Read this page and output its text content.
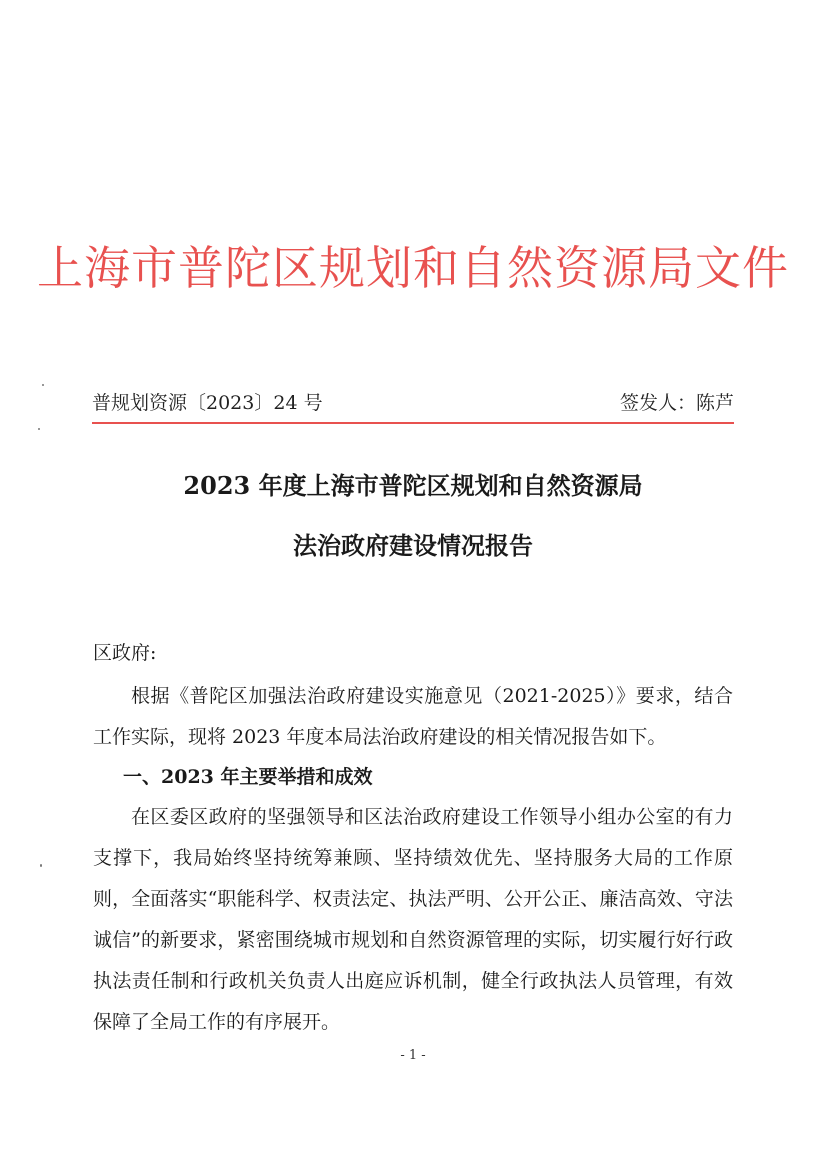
上海市普陀区规划和自然资源局文件
普规划资源〔2023〕24 号	签发人：陈芦
2023 年度上海市普陀区规划和自然资源局
法治政府建设情况报告
区政府:
根据《普陀区加强法治政府建设实施意见（2021-2025）》要求，结合工作实际，现将 2023 年度本局法治政府建设的相关情况报告如下。
一、2023 年主要举措和成效
在区委区政府的坚强领导和区法治政府建设工作领导小组办公室的有力支撑下，我局始终坚持统筹兼顾、坚持绩效优先、坚持服务大局的工作原则，全面落实“职能科学、权责法定、执法严明、公开公正、廉洁高效、守法诚信”的新要求，紧密围绕城市规划和自然资源管理的实际，切实履行好行政执法责任制和行政机关负责人出庭应诉机制，健全行政执法人员管理，有效保障了全局工作的有序展开。
- 1 -
